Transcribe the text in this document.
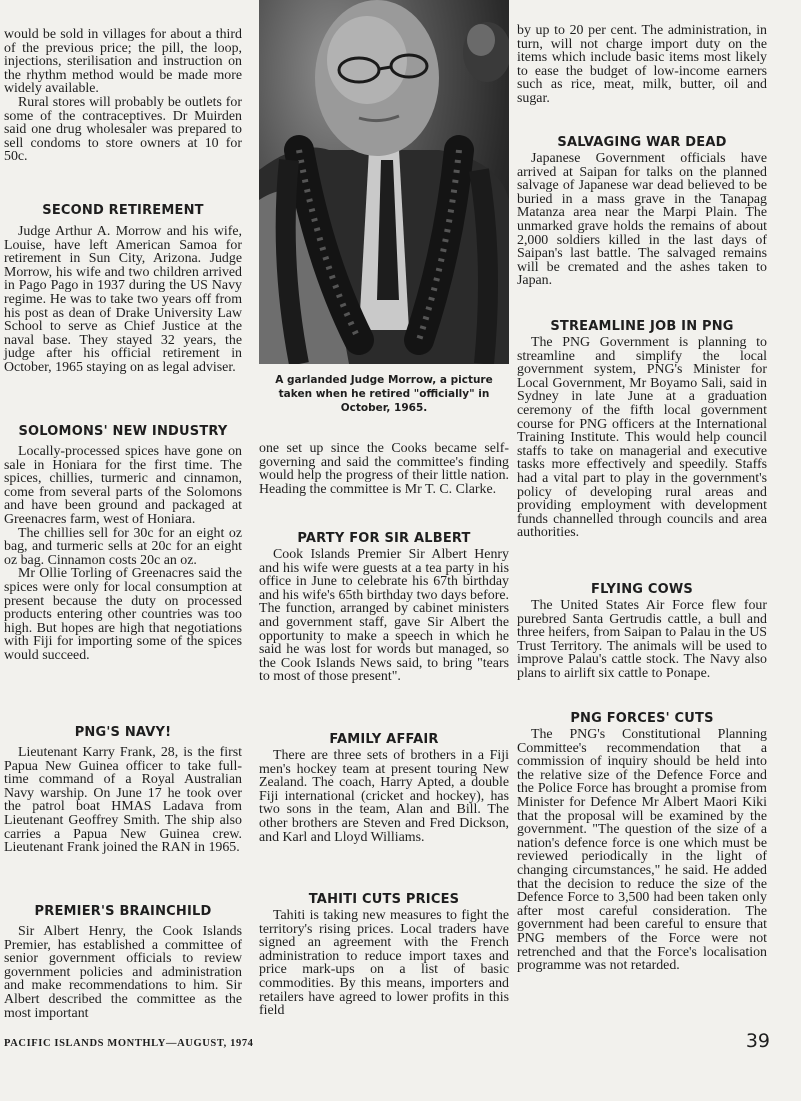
would be sold in villages for about a third of the previous price; the pill, the loop, injections, sterilisation and instruction on the rhythm method would be made more widely available.

Rural stores will probably be outlets for some of the contraceptives. Dr Muirden said one drug wholesaler was prepared to sell condoms to store owners at 10 for 50c.

SECOND RETIREMENT

Judge Arthur A. Morrow and his wife, Louise, have left American Samoa for retirement in Sun City, Arizona. Judge Morrow, his wife and two children arrived in Pago Pago in 1937 during the US Navy regime. He was to take two years off from his post as dean of Drake University Law School to serve as Chief Justice at the naval base. They stayed 32 years, the judge after his official retirement in October, 1965 staying on as legal adviser.

SOLOMONS' NEW INDUSTRY

Locally-processed spices have gone on sale in Honiara for the first time. The spices, chillies, turmeric and cinnamon, come from several parts of the Solomons and have been ground and packaged at Greenacres farm, west of Honiara.

The chillies sell for 30c for an eight oz bag, and turmeric sells at 20c for an eight oz bag. Cinnamon costs 20c an oz.

Mr Ollie Torling of Greenacres said the spices were only for local consumption at present because the duty on processed products entering other countries was too high. But hopes are high that negotiations with Fiji for importing some of the spices would succeed.

PNG'S NAVY!

Lieutenant Karry Frank, 28, is the first Papua New Guinea officer to take full-time command of a Royal Australian Navy warship. On June 17 he took over the patrol boat HMAS Ladava from Lieutenant Geoffrey Smith. The ship also carries a Papua New Guinea crew. Lieutenant Frank joined the RAN in 1965.

PREMIER'S BRAINCHILD

Sir Albert Henry, the Cook Islands Premier, has established a committee of senior government officials to review government policies and administration and make recommendations to him. Sir Albert described the committee as the most important

A garlanded Judge Morrow, a picture taken when he retired "officially" in October, 1965.

one set up since the Cooks became self-governing and said the committee's finding would help the progress of their little nation. Heading the committee is Mr T. C. Clarke.

PARTY FOR SIR ALBERT

Cook Islands Premier Sir Albert Henry and his wife were guests at a tea party in his office in June to celebrate his 67th birthday and his wife's 65th birthday two days before. The function, arranged by cabinet ministers and government staff, gave Sir Albert the opportunity to make a speech in which he said he was lost for words but managed, so the Cook Islands News said, to bring "tears to most of those present".

FAMILY AFFAIR

There are three sets of brothers in a Fiji men's hockey team at present touring New Zealand. The coach, Harry Apted, a double Fiji international (cricket and hockey), has two sons in the team, Alan and Bill. The other brothers are Steven and Fred Dickson, and Karl and Lloyd Williams.

TAHITI CUTS PRICES

Tahiti is taking new measures to fight the territory's rising prices. Local traders have signed an agreement with the French administration to reduce import taxes and price mark-ups on a list of basic commodities. By this means, importers and retailers have agreed to lower profits in this field

by up to 20 per cent. The administration, in turn, will not charge import duty on the items which include basic items most likely to ease the budget of low-income earners such as rice, meat, milk, butter, oil and sugar.

SALVAGING WAR DEAD

Japanese Government officials have arrived at Saipan for talks on the planned salvage of Japanese war dead believed to be buried in a mass grave in the Tanapag Matanza area near the Marpi Plain. The unmarked grave holds the remains of about 2,000 soldiers killed in the last days of Saipan's last battle. The salvaged remains will be cremated and the ashes taken to Japan.

STREAMLINE JOB IN PNG

The PNG Government is planning to streamline and simplify the local government system, PNG's Minister for Local Government, Mr Boyamo Sali, said in Sydney in late June at a graduation ceremony of the fifth local government course for PNG officers at the International Training Institute. This would help council staffs to take on managerial and executive tasks more effectively and speedily. Staffs had a vital part to play in the government's policy of developing rural areas and providing employment with development funds channelled through councils and area authorities.

FLYING COWS

The United States Air Force flew four purebred Santa Gertrudis cattle, a bull and three heifers, from Saipan to Palau in the US Trust Territory. The animals will be used to improve Palau's cattle stock. The Navy also plans to airlift six cattle to Ponape.

PNG FORCES' CUTS

The PNG's Constitutional Planning Committee's recommendation that a commission of inquiry should be held into the relative size of the Defence Force and the Police Force has brought a promise from Minister for Defence Mr Albert Maori Kiki that the proposal will be examined by the government. "The question of the size of a nation's defence force is one which must be reviewed periodically in the light of changing circumstances," he said. He added that the decision to reduce the size of the Defence Force to 3,500 had been taken only after most careful consideration. The government had been careful to ensure that PNG members of the Force were not retrenched and that the Force's localisation programme was not retarded.

PACIFIC ISLANDS MONTHLY—AUGUST, 1974	39
